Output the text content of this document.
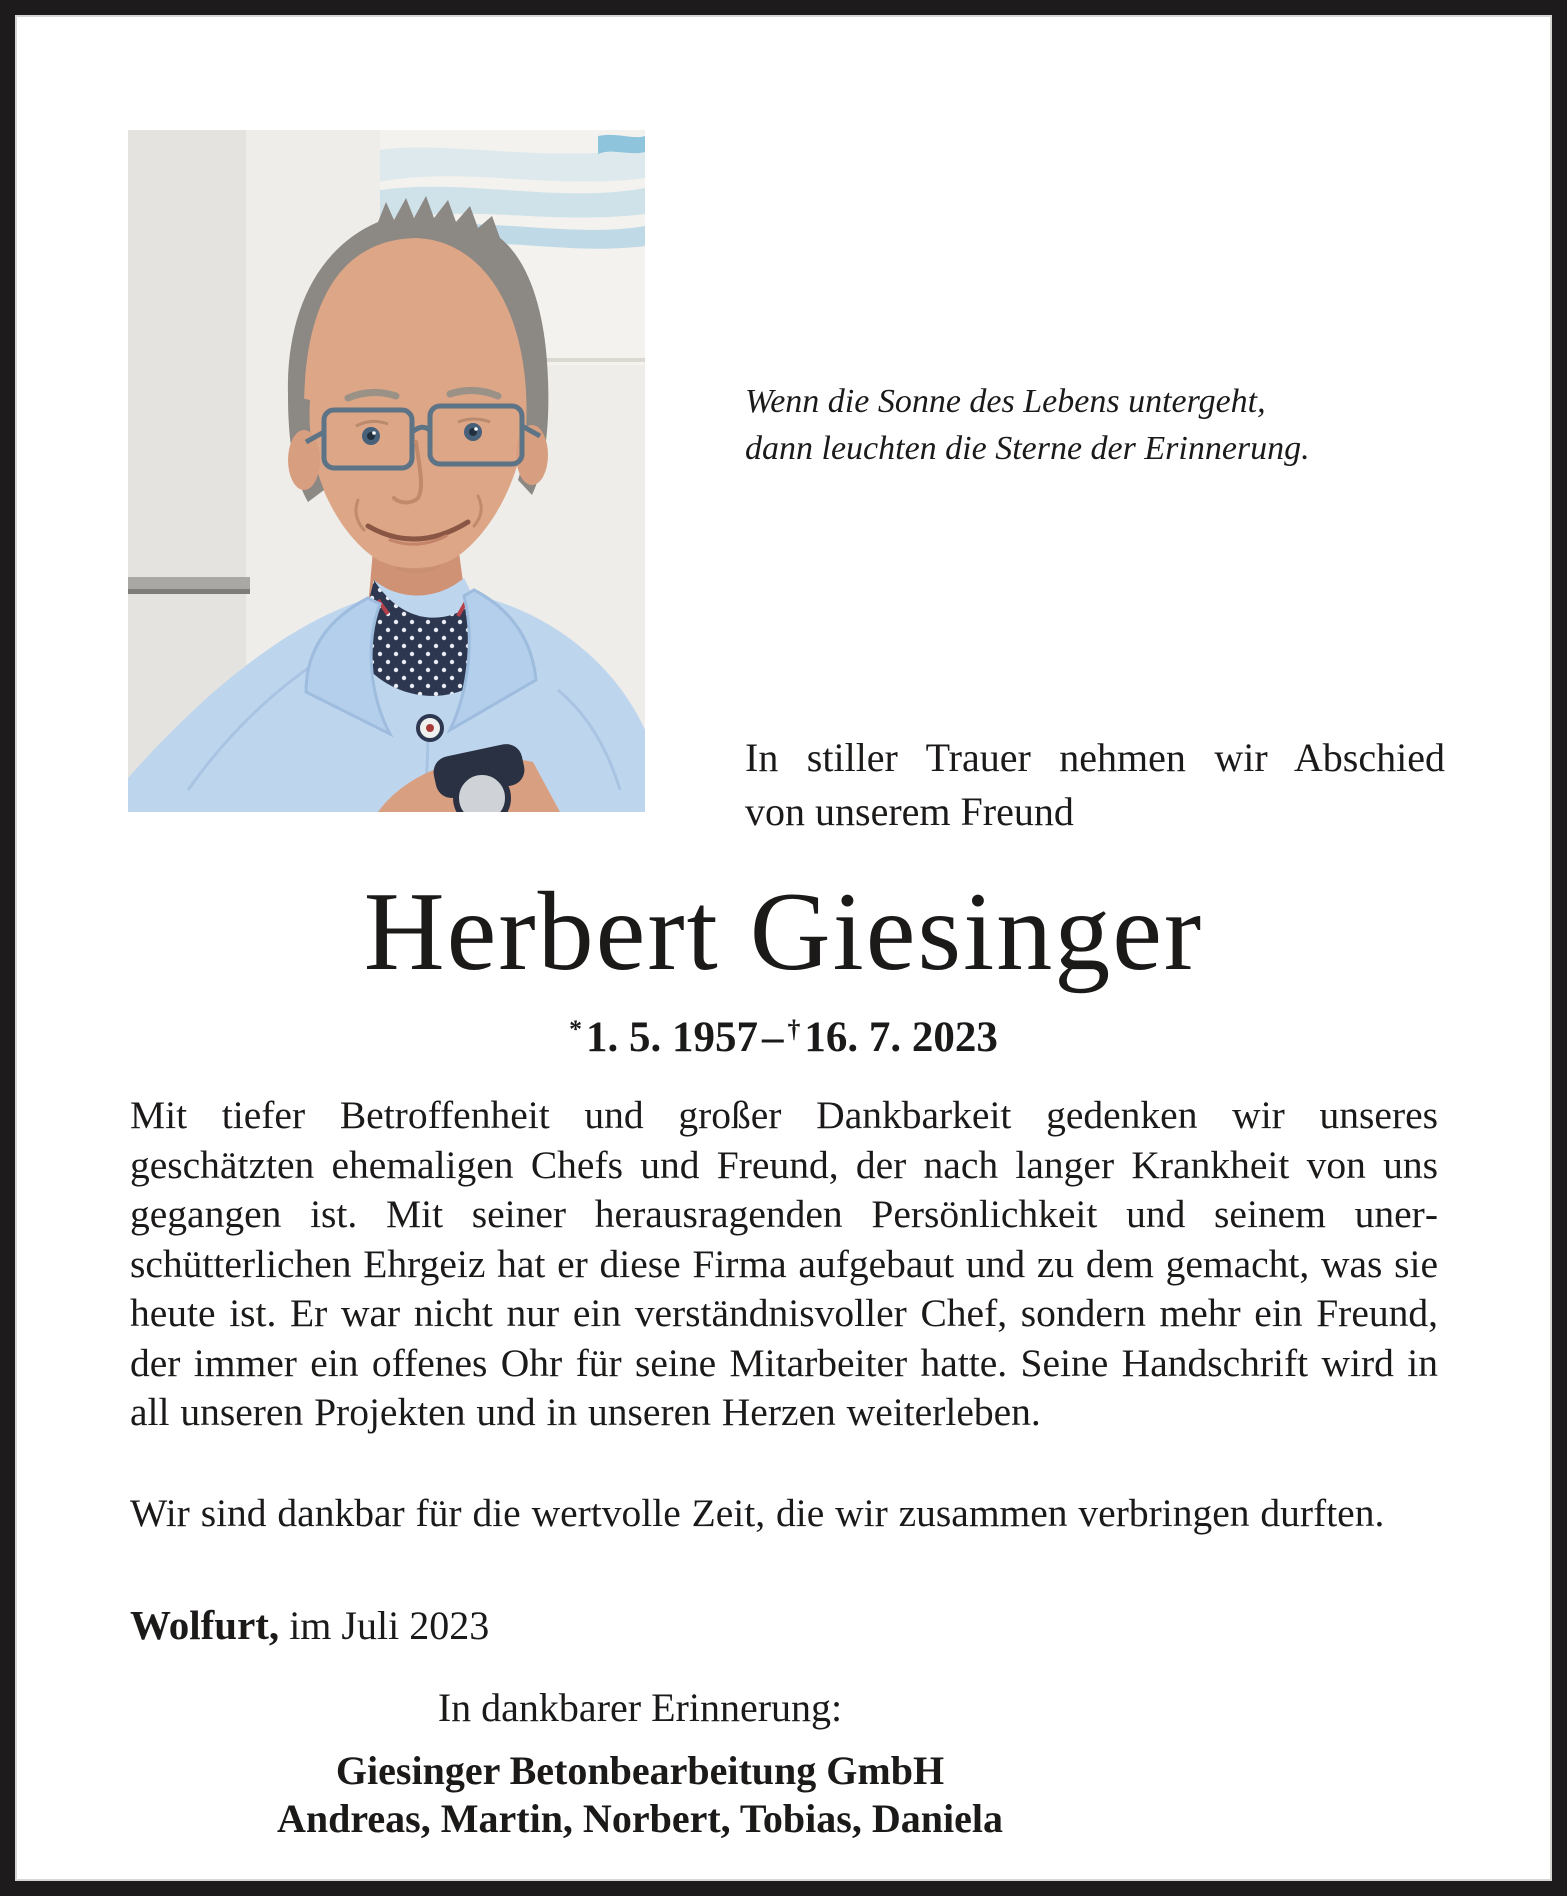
Wenn die Sonne des Lebens untergeht,
dann leuchten die Sterne der Erinnerung.
In stiller Trauer nehmen wir Abschied
von unserem Freund
Herbert Giesinger
*1. 5. 1957– †16. 7. 2023
Mit tiefer Betroffenheit und großer Dankbarkeit gedenken wir unseres geschätzten ehemaligen Chefs und Freund, der nach langer Krankheit von uns gegangen ist. Mit seiner herausragenden Persönlichkeit und seinem unerschütterlichen Ehrgeiz hat er diese Firma aufgebaut und zu dem gemacht, was sie heute ist. Er war nicht nur ein verständnisvoller Chef, sondern mehr ein Freund, der immer ein offenes Ohr für seine Mitarbeiter hatte. Seine Handschrift wird in all unseren Projekten und in unseren Herzen weiterleben.
Wir sind dankbar für die wertvolle Zeit, die wir zusammen verbringen durften.
Wolfurt, im Juli 2023
In dankbarer Erinnerung:
Giesinger Betonbearbeitung GmbH
Andreas, Martin, Norbert, Tobias, Daniela
